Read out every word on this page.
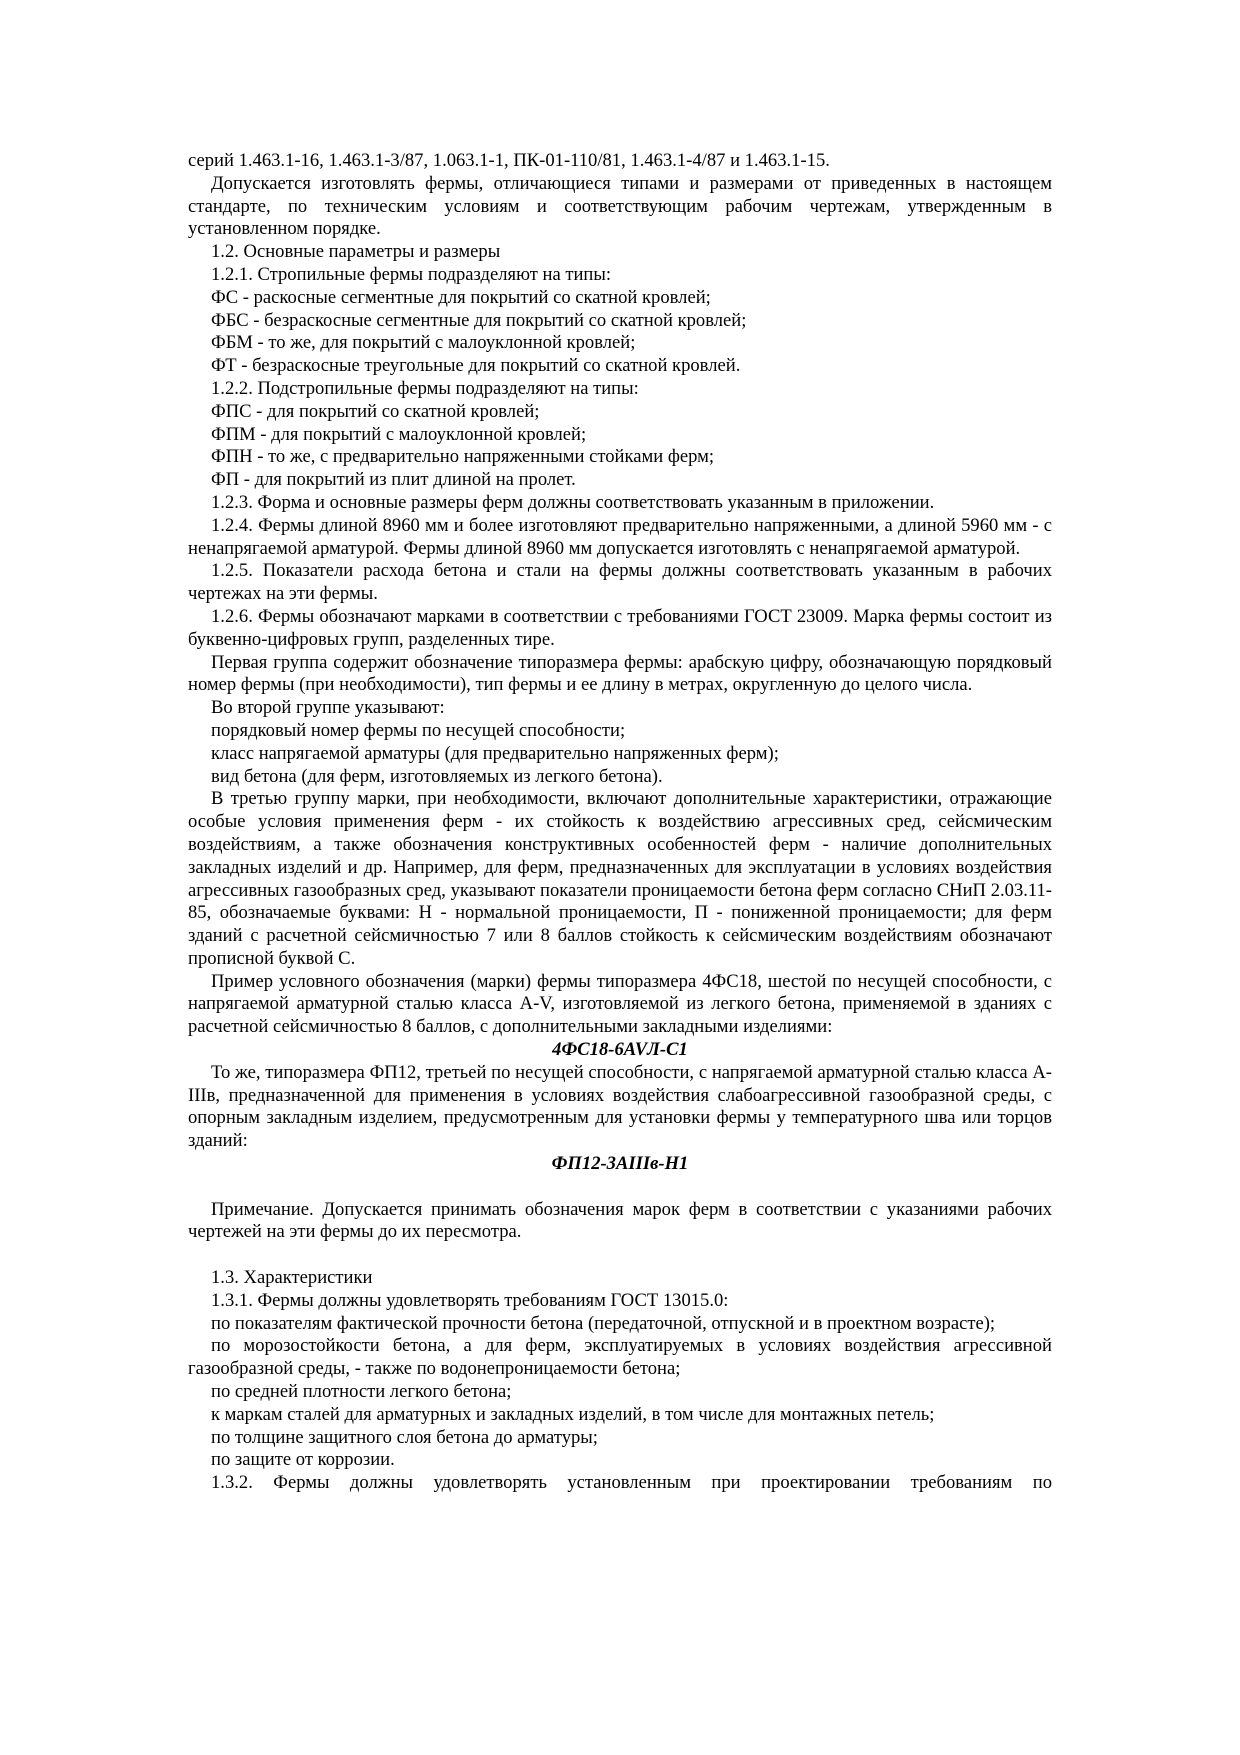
серий 1.463.1-16, 1.463.1-3/87, 1.063.1-1, ПК-01-110/81, 1.463.1-4/87 и 1.463.1-15.

Допускается изготовлять фермы, отличающиеся типами и размерами от приведенных в настоящем стандарте, по техническим условиям и соответствующим рабочим чертежам, утвержденным в установленном порядке.

1.2. Основные параметры и размеры

1.2.1. Стропильные фермы подразделяют на типы:

ФС - раскосные сегментные для покрытий со скатной кровлей;

ФБС - безраскосные сегментные для покрытий со скатной кровлей;

ФБМ - то же, для покрытий с малоуклонной кровлей;

ФТ - безраскосные треугольные для покрытий со скатной кровлей.

1.2.2. Подстропильные фермы подразделяют на типы:

ФПС - для покрытий со скатной кровлей;

ФПМ - для покрытий с малоуклонной кровлей;

ФПН - то же, с предварительно напряженными стойками ферм;

ФП - для покрытий из плит длиной на пролет.

1.2.3. Форма и основные размеры ферм должны соответствовать указанным в приложении.

1.2.4. Фермы длиной 8960 мм и более изготовляют предварительно напряженными, а длиной 5960 мм - с ненапрягаемой арматурой. Фермы длиной 8960 мм допускается изготовлять с ненапрягаемой арматурой.

1.2.5. Показатели расхода бетона и стали на фермы должны соответствовать указанным в рабочих чертежах на эти фермы.

1.2.6. Фермы обозначают марками в соответствии с требованиями ГОСТ 23009. Марка фермы состоит из буквенно-цифровых групп, разделенных тире.

Первая группа содержит обозначение типоразмера фермы: арабскую цифру, обозначающую порядковый номер фермы (при необходимости), тип фермы и ее длину в метрах, округленную до целого числа.

Во второй группе указывают:

порядковый номер фермы по несущей способности;

класс напрягаемой арматуры (для предварительно напряженных ферм);

вид бетона (для ферм, изготовляемых из легкого бетона).

В третью группу марки, при необходимости, включают дополнительные характеристики, отражающие особые условия применения ферм - их стойкость к воздействию агрессивных сред, сейсмическим воздействиям, а также обозначения конструктивных особенностей ферм - наличие дополнительных закладных изделий и др. Например, для ферм, предназначенных для эксплуатации в условиях воздействия агрессивных газообразных сред, указывают показатели проницаемости бетона ферм согласно СНиП 2.03.11-85, обозначаемые буквами: Н - нормальной проницаемости, П - пониженной проницаемости; для ферм зданий с расчетной сейсмичностью 7 или 8 баллов стойкость к сейсмическим воздействиям обозначают прописной буквой С.

Пример условного обозначения (марки) фермы типоразмера 4ФС18, шестой по несущей способности, с напрягаемой арматурной сталью класса A-V, изготовляемой из легкого бетона, применяемой в зданиях с расчетной сейсмичностью 8 баллов, с дополнительными закладными изделиями:

4ФС18-6AVЛ-С1

То же, типоразмера ФП12, третьей по несущей способности, с напрягаемой арматурной сталью класса А-IIIв, предназначенной для применения в условиях воздействия слабоагрессивной газообразной среды, с опорным закладным изделием, предусмотренным для установки фермы у температурного шва или торцов зданий:

ФП12-3АIIIв-Н1

Примечание. Допускается принимать обозначения марок ферм в соответствии с указаниями рабочих чертежей на эти фермы до их пересмотра.

1.3. Характеристики

1.3.1. Фермы должны удовлетворять требованиям ГОСТ 13015.0:

по показателям фактической прочности бетона (передаточной, отпускной и в проектном возрасте);

по морозостойкости бетона, а для ферм, эксплуатируемых в условиях воздействия агрессивной газообразной среды, - также по водонепроницаемости бетона;

по средней плотности легкого бетона;

к маркам сталей для арматурных и закладных изделий, в том числе для монтажных петель;

по толщине защитного слоя бетона до арматуры;

по защите от коррозии.

1.3.2. Фермы должны удовлетворять установленным при проектировании требованиям по
